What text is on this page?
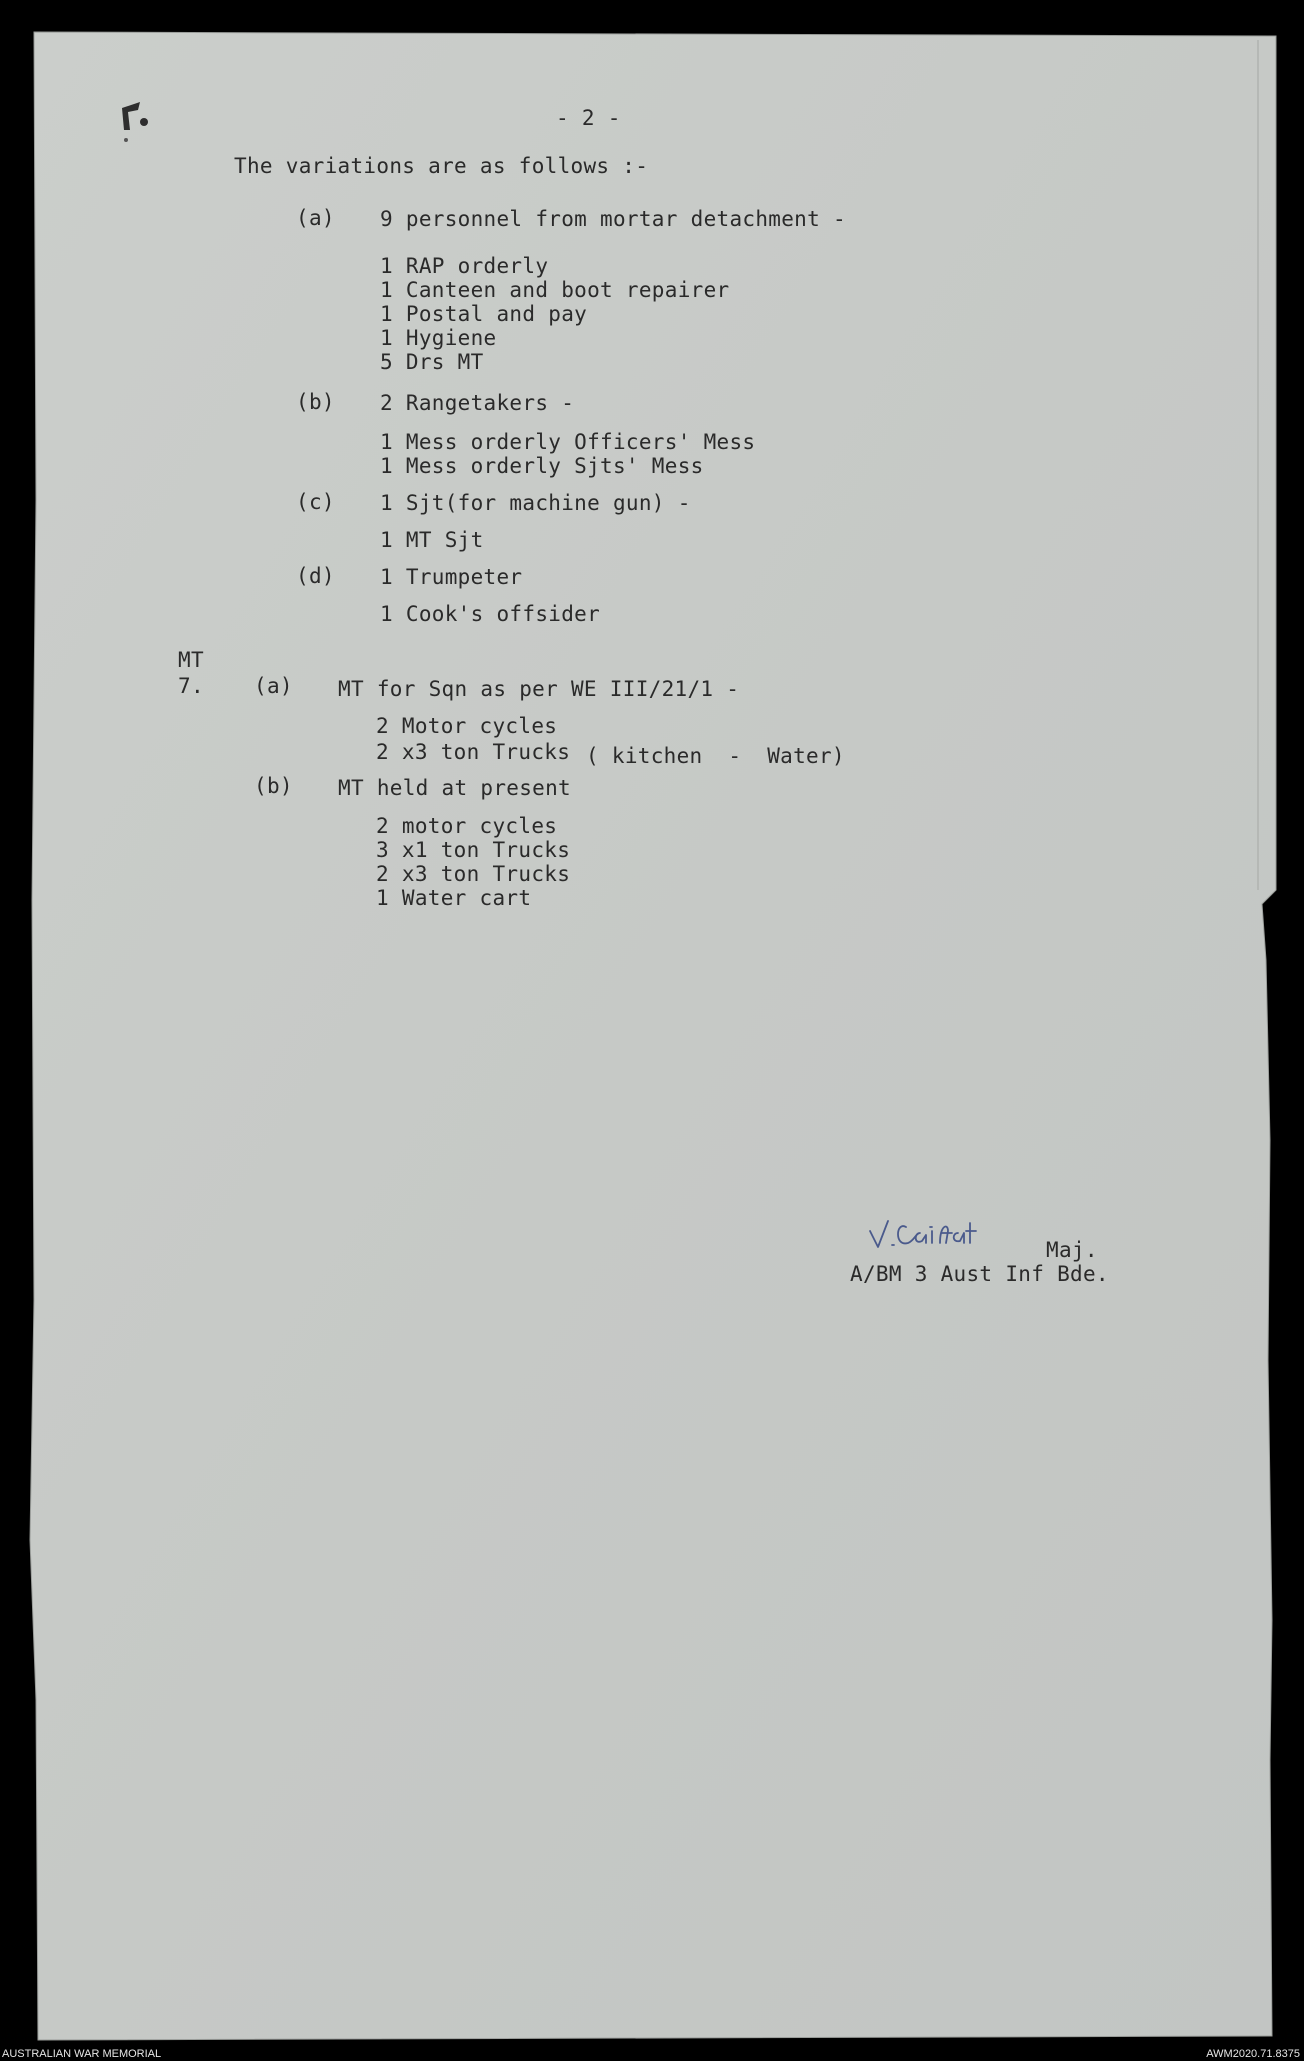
- 2 -
The variations are as follows :-
(a) 9 personnel from mortar detachment -
1 RAP orderly
1 Canteen and boot repairer
1 Postal and pay
1 Hygiene
5 Drs MT
(b) 2 Rangetakers -
1 Mess orderly Officers' Mess
1 Mess orderly Sjts' Mess
(c) 1 Sjt(for machine gun) -
1 MT Sjt
(d) 1 Trumpeter
1 Cook's offsider
MT
7. (a) MT for Sqn as per WE III/21/1 -
2 Motor cycles
2 x3 ton Trucks ( kitchen  -  Water)
(b) MT held at present
2 motor cycles
3 x1 ton Trucks
2 x3 ton Trucks
1 Water cart
Maj.
A/BM 3 Aust Inf Bde.
AUSTRALIAN WAR MEMORIAL	AWM2020.71.8375
